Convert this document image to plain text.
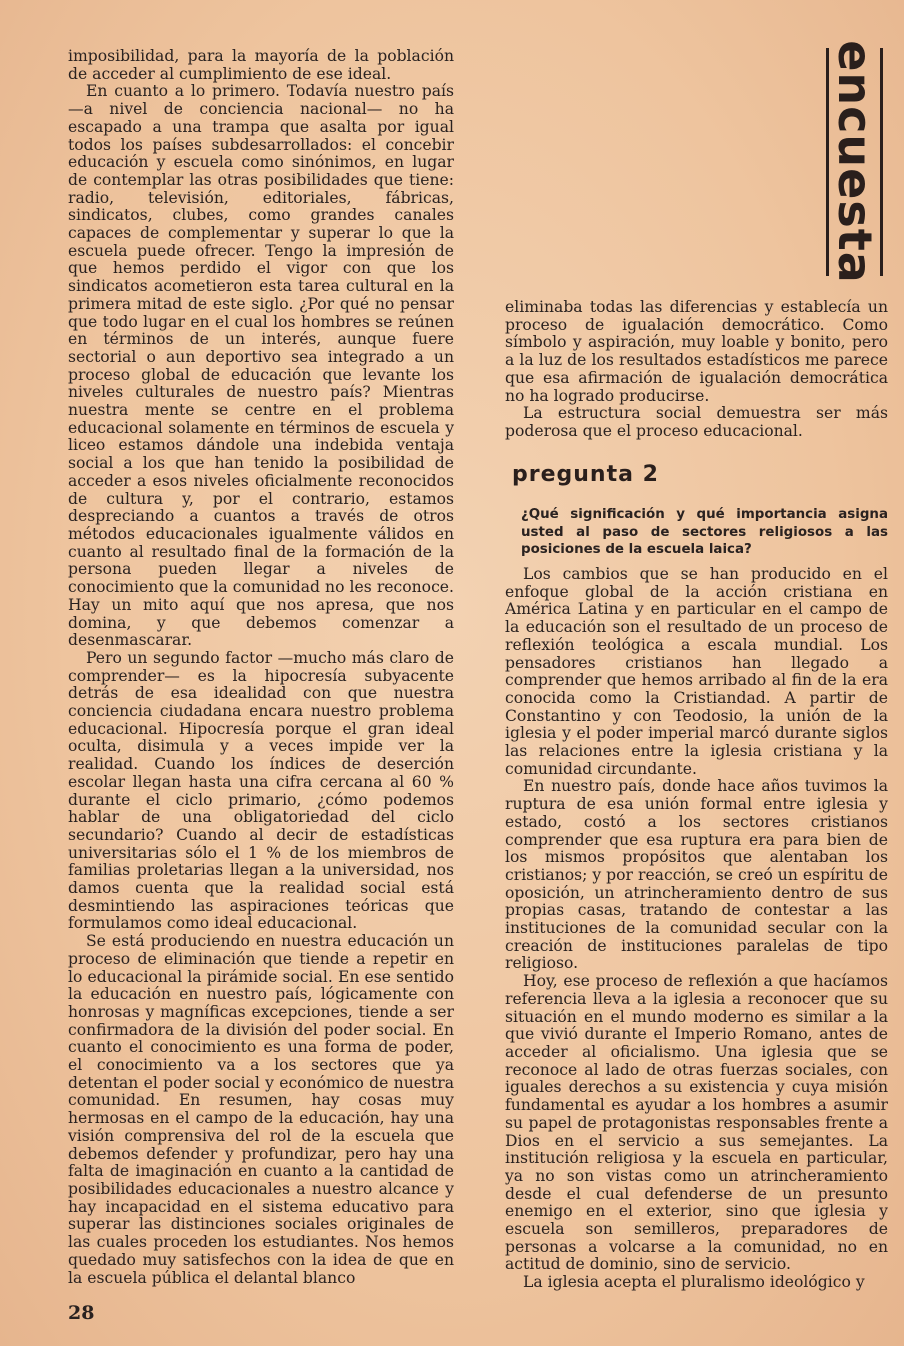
imposibilidad, para la mayoría de la población de acceder al cumplimiento de ese ideal.

En cuanto a lo primero. Todavía nuestro país —a nivel de conciencia nacional— no ha escapado a una trampa que asalta por igual todos los países subdesarrollados: el concebir educación y escuela como sinónimos, en lugar de contemplar las otras posibilidades que tiene: radio, televisión, editoriales, fábricas, sindicatos, clubes, como grandes canales capaces de complementar y superar lo que la escuela puede ofrecer. Tengo la impresión de que hemos perdido el vigor con que los sindicatos acometieron esta tarea cultural en la primera mitad de este siglo. ¿Por qué no pensar que todo lugar en el cual los hombres se reúnen en términos de un interés, aunque fuere sectorial o aun deportivo sea integrado a un proceso global de educación que levante los niveles culturales de nuestro país? Mientras nuestra mente se centre en el problema educacional solamente en términos de escuela y liceo estamos dándole una indebida ventaja social a los que han tenido la posibilidad de acceder a esos niveles oficialmente reconocidos de cultura y, por el contrario, estamos despreciando a cuantos a través de otros métodos educacionales igualmente válidos en cuanto al resultado final de la formación de la persona pueden llegar a niveles de conocimiento que la comunidad no les reconoce. Hay un mito aquí que nos apresa, que nos domina, y que debemos comenzar a desenmascarar.

Pero un segundo factor —mucho más claro de comprender— es la hipocresía subyacente detrás de esa idealidad con que nuestra conciencia ciudadana encara nuestro problema educacional. Hipocresía porque el gran ideal oculta, disimula y a veces impide ver la realidad. Cuando los índices de deserción escolar llegan hasta una cifra cercana al 60 % durante el ciclo primario, ¿cómo podemos hablar de una obligatoriedad del ciclo secundario? Cuando al decir de estadísticas universitarias sólo el 1 % de los miembros de familias proletarias llegan a la universidad, nos damos cuenta que la realidad social está desmintiendo las aspiraciones teóricas que formulamos como ideal educacional.

Se está produciendo en nuestra educación un proceso de eliminación que tiende a repetir en lo educacional la pirámide social. En ese sentido la educación en nuestro país, lógicamente con honrosas y magníficas excepciones, tiende a ser confirmadora de la división del poder social. En cuanto el conocimiento es una forma de poder, el conocimiento va a los sectores que ya detentan el poder social y económico de nuestra comunidad. En resumen, hay cosas muy hermosas en el campo de la educación, hay una visión comprensiva del rol de la escuela que debemos defender y profundizar, pero hay una falta de imaginación en cuanto a la cantidad de posibilidades educacionales a nuestro alcance y hay incapacidad en el sistema educativo para superar las distinciones sociales originales de las cuales proceden los estudiantes. Nos hemos quedado muy satisfechos con la idea de que en la escuela pública el delantal blanco

encuesta

eliminaba todas las diferencias y establecía un proceso de igualación democrático. Como símbolo y aspiración, muy loable y bonito, pero a la luz de los resultados estadísticos me parece que esa afirmación de igualación democrática no ha logrado producirse.

La estructura social demuestra ser más poderosa que el proceso educacional.

pregunta 2

¿Qué significación y qué importancia asigna usted al paso de sectores religiosos a las posiciones de la escuela laica?

Los cambios que se han producido en el enfoque global de la acción cristiana en América Latina y en particular en el campo de la educación son el resultado de un proceso de reflexión teológica a escala mundial. Los pensadores cristianos han llegado a comprender que hemos arribado al fin de la era conocida como la Cristiandad. A partir de Constantino y con Teodosio, la unión de la iglesia y el poder imperial marcó durante siglos las relaciones entre la iglesia cristiana y la comunidad circundante.

En nuestro país, donde hace años tuvimos la ruptura de esa unión formal entre iglesia y estado, costó a los sectores cristianos comprender que esa ruptura era para bien de los mismos propósitos que alentaban los cristianos; y por reacción, se creó un espíritu de oposición, un atrincheramiento dentro de sus propias casas, tratando de contestar a las instituciones de la comunidad secular con la creación de instituciones paralelas de tipo religioso.

Hoy, ese proceso de reflexión a que hacíamos referencia lleva a la iglesia a reconocer que su situación en el mundo moderno es similar a la que vivió durante el Imperio Romano, antes de acceder al oficialismo. Una iglesia que se reconoce al lado de otras fuerzas sociales, con iguales derechos a su existencia y cuya misión fundamental es ayudar a los hombres a asumir su papel de protagonistas responsables frente a Dios en el servicio a sus semejantes. La institución religiosa y la escuela en particular, ya no son vistas como un atrincheramiento desde el cual defenderse de un presunto enemigo en el exterior, sino que iglesia y escuela son semilleros, preparadores de personas a volcarse a la comunidad, no en actitud de dominio, sino de servicio.

La iglesia acepta el pluralismo ideológico y

28
